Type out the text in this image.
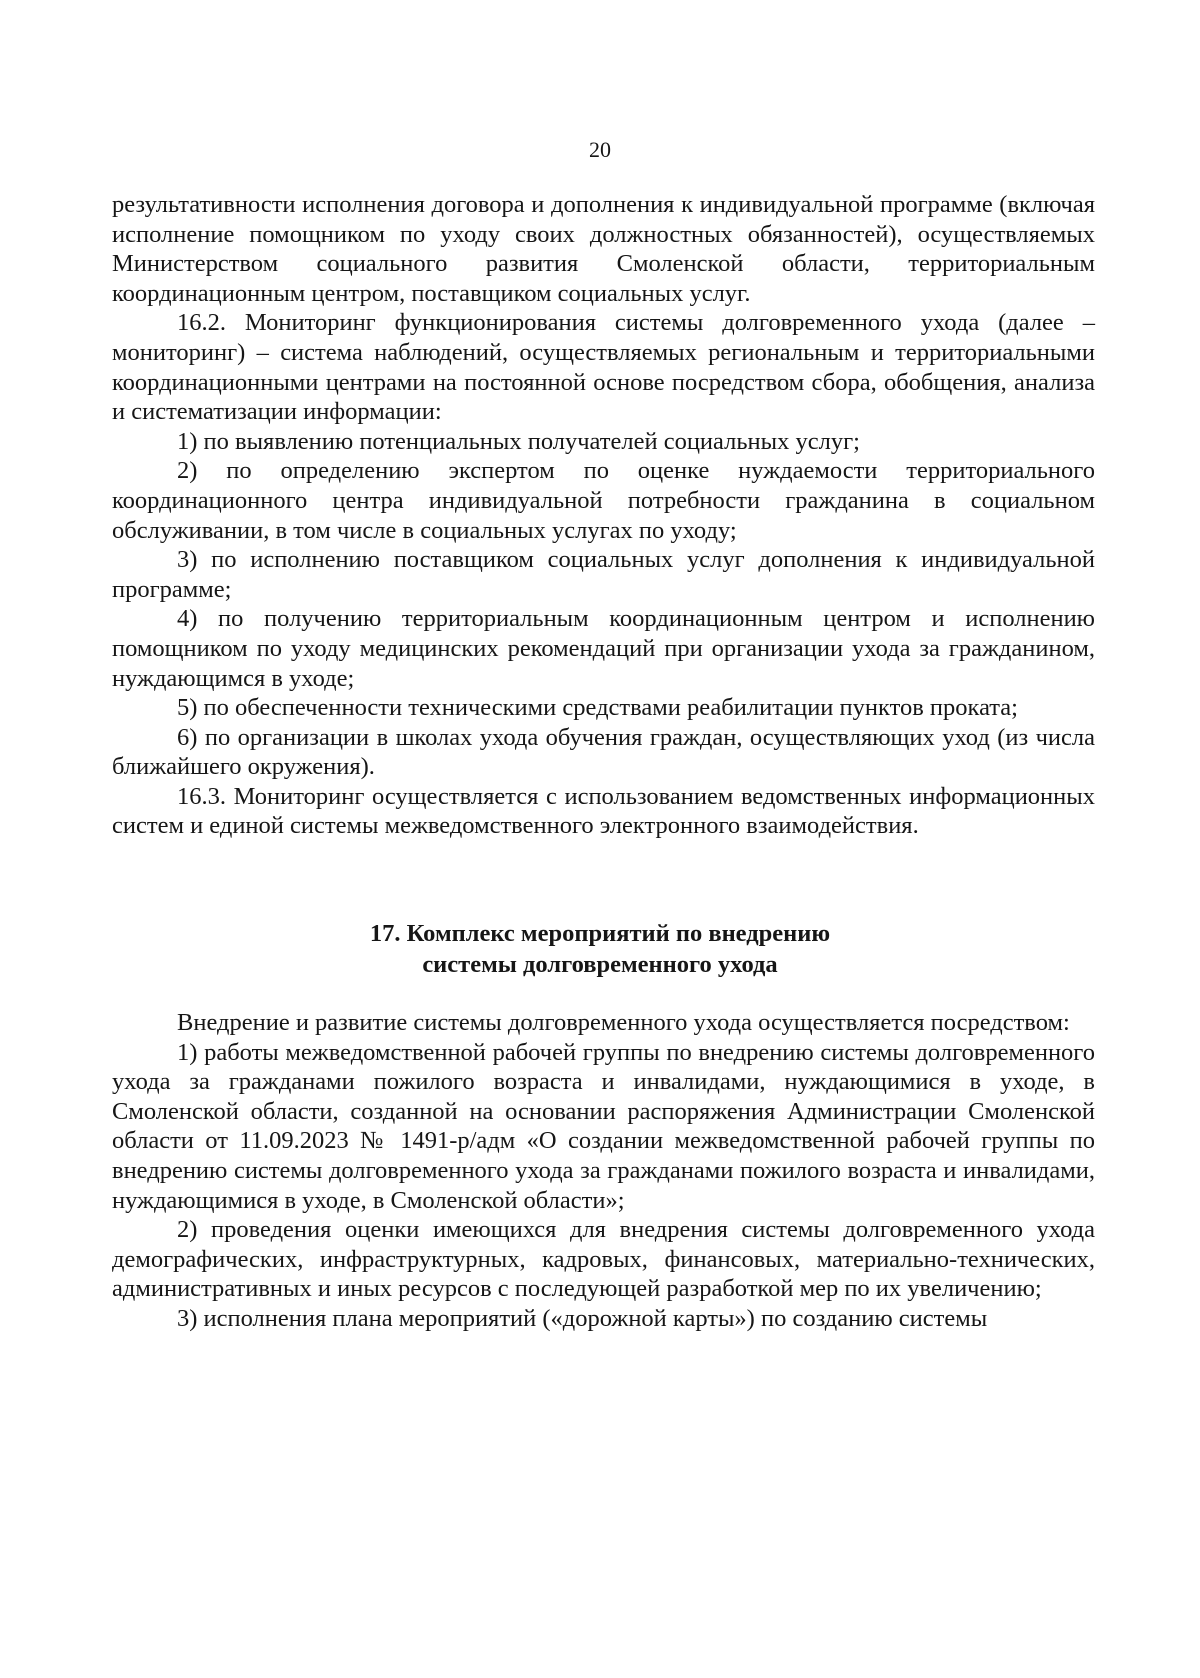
20

результативности исполнения договора и дополнения к индивидуальной программе (включая исполнение помощником по уходу своих должностных обязанностей), осуществляемых Министерством социального развития Смоленской области, территориальным координационным центром, поставщиком социальных услуг.

16.2. Мониторинг функционирования системы долговременного ухода (далее – мониторинг) – система наблюдений, осуществляемых региональным и территориальными координационными центрами на постоянной основе посредством сбора, обобщения, анализа и систематизации информации:

1) по выявлению потенциальных получателей социальных услуг;

2) по определению экспертом по оценке нуждаемости территориального координационного центра индивидуальной потребности гражданина в социальном обслуживании, в том числе в социальных услугах по уходу;

3) по исполнению поставщиком социальных услуг дополнения к индивидуальной программе;

4) по получению территориальным координационным центром и исполнению помощником по уходу медицинских рекомендаций при организации ухода за гражданином, нуждающимся в уходе;

5) по обеспеченности техническими средствами реабилитации пунктов проката;

6) по организации в школах ухода обучения граждан, осуществляющих уход (из числа ближайшего окружения).

16.3. Мониторинг осуществляется с использованием ведомственных информационных систем и единой системы межведомственного электронного взаимодействия.

17. Комплекс мероприятий по внедрению
системы долговременного ухода

Внедрение и развитие системы долговременного ухода осуществляется посредством:

1) работы межведомственной рабочей группы по внедрению системы долговременного ухода за гражданами пожилого возраста и инвалидами, нуждающимися в уходе, в Смоленской области, созданной на основании распоряжения Администрации Смоленской области от 11.09.2023 № 1491-р/адм «О создании межведомственной рабочей группы по внедрению системы долговременного ухода за гражданами пожилого возраста и инвалидами, нуждающимися в уходе, в Смоленской области»;

2) проведения оценки имеющихся для внедрения системы долговременного ухода демографических, инфраструктурных, кадровых, финансовых, материально-технических, административных и иных ресурсов с последующей разработкой мер по их увеличению;

3) исполнения плана мероприятий («дорожной карты») по созданию системы
